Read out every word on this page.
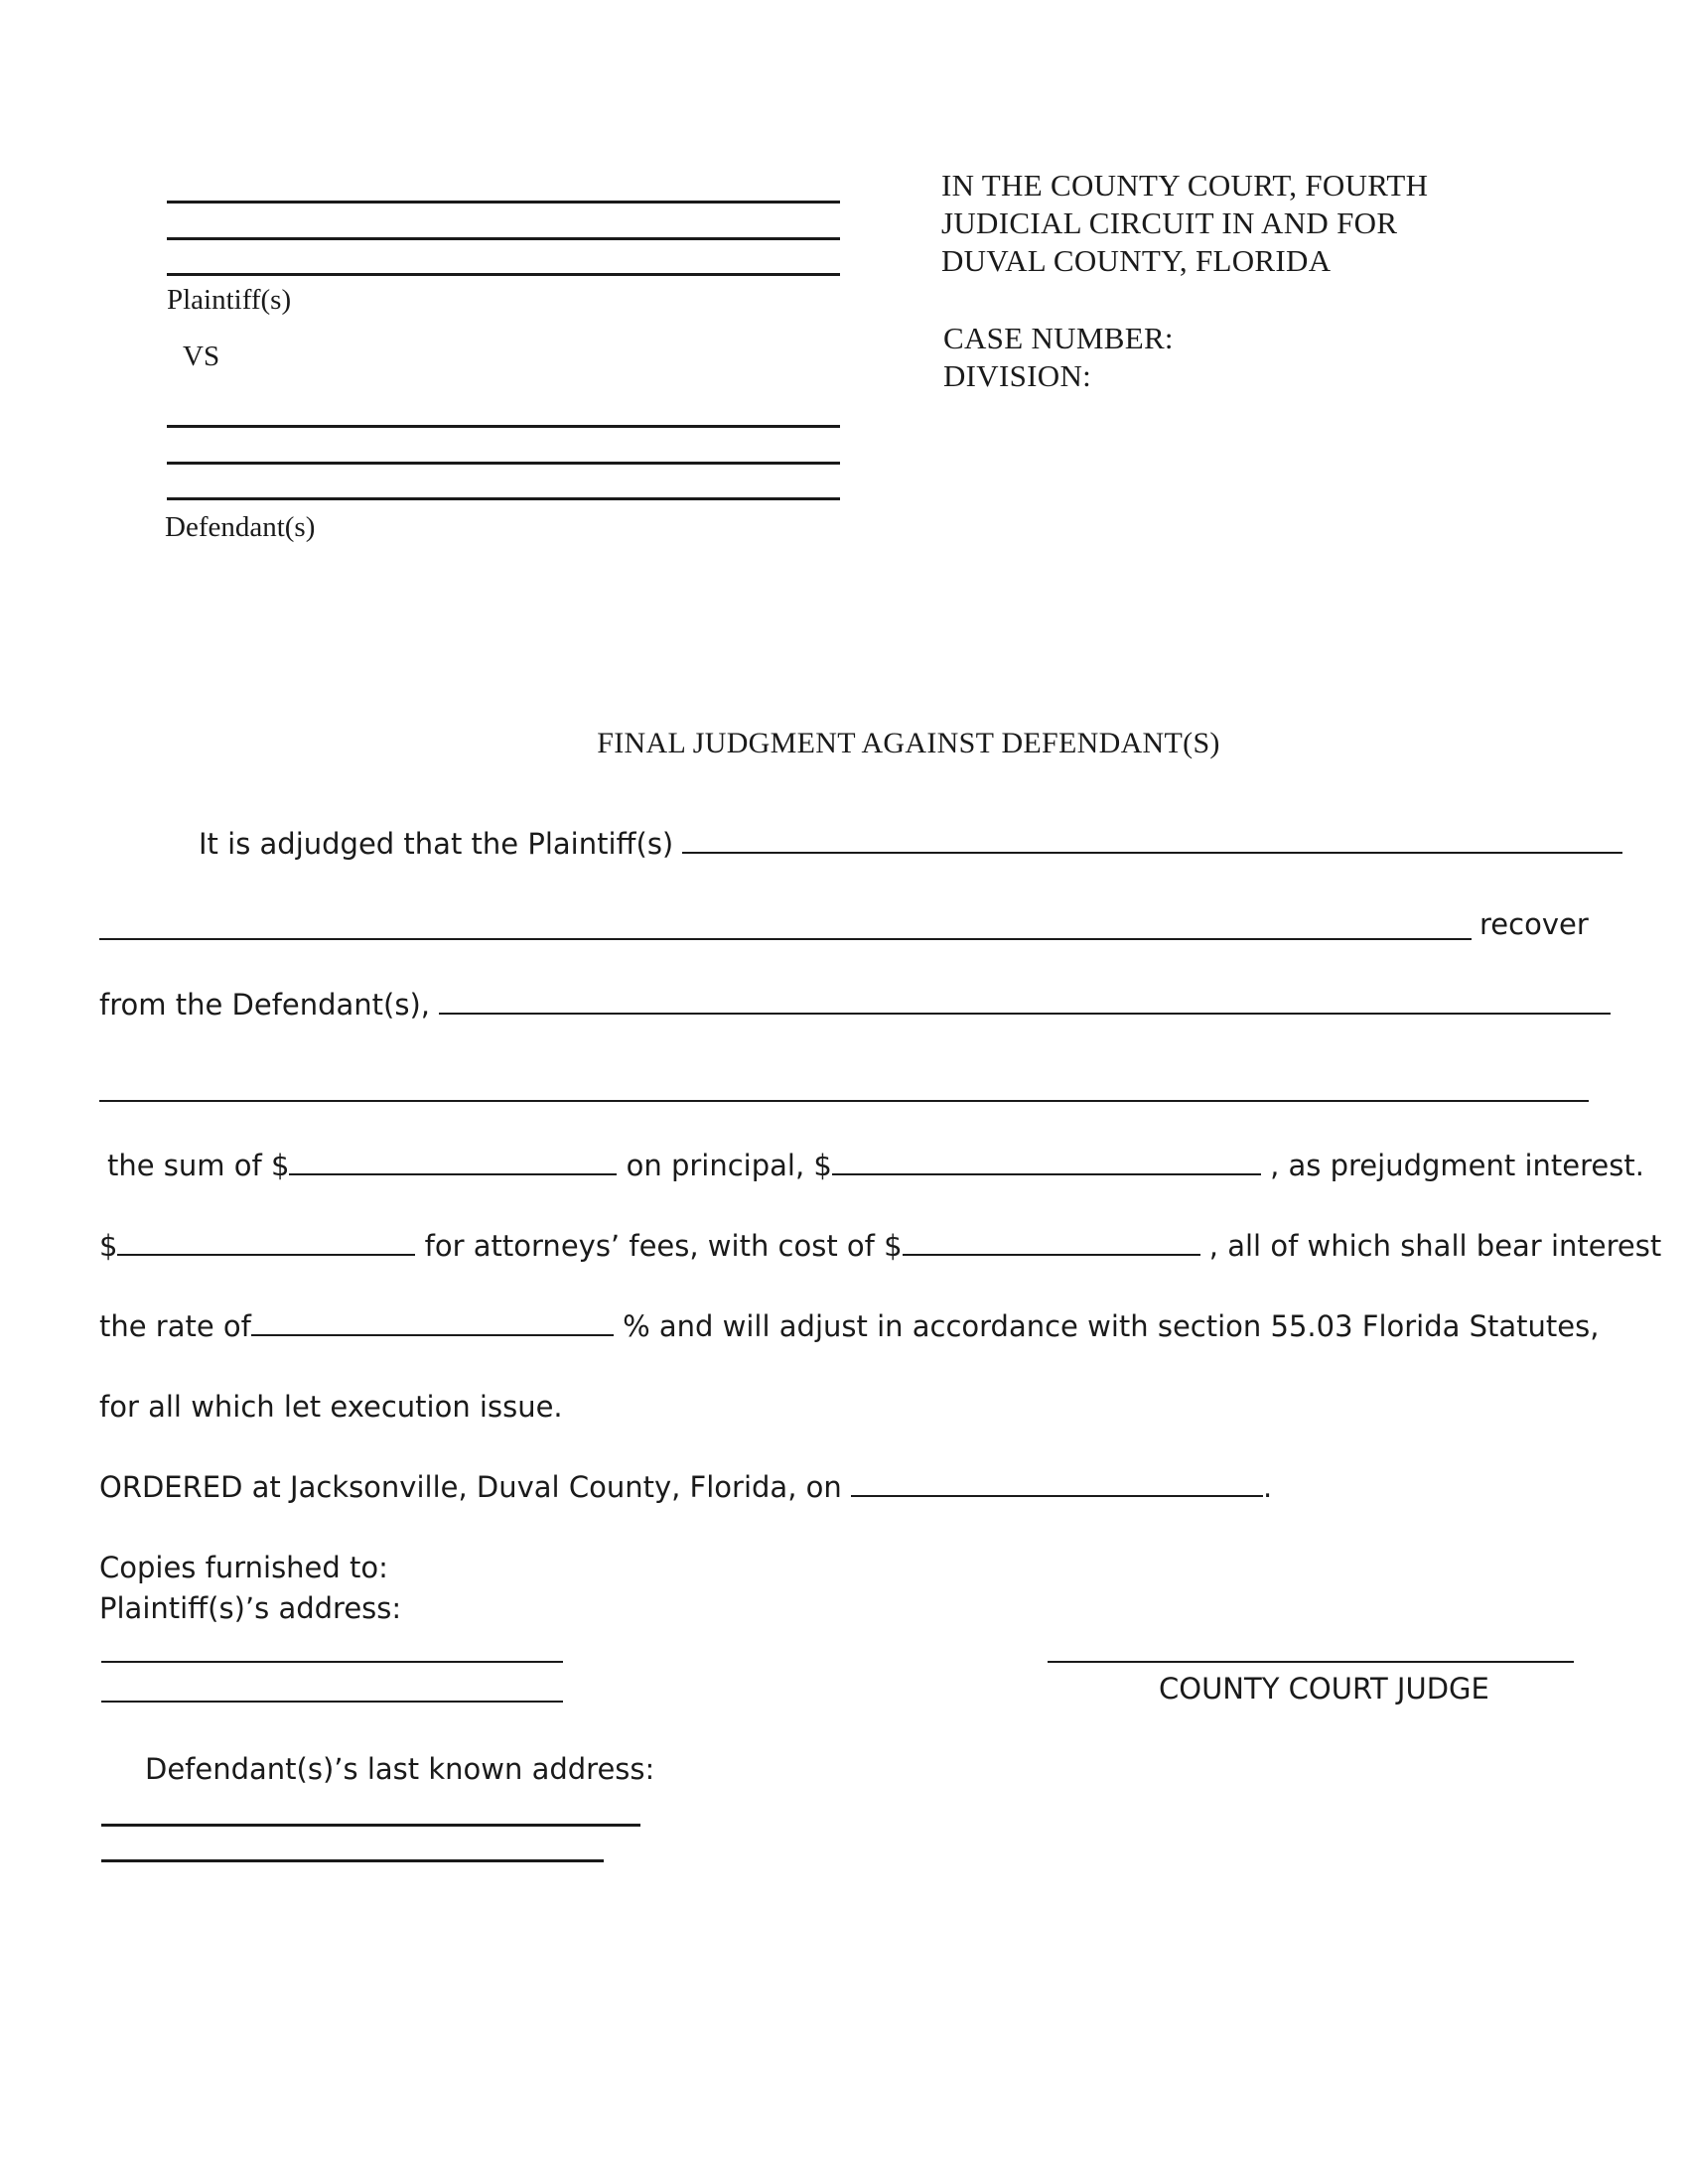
Plaintiff(s)
VS
Defendant(s)
IN THE COUNTY COURT, FOURTH
JUDICIAL CIRCUIT IN AND FOR
DUVAL COUNTY, FLORIDA
CASE NUMBER:
DIVISION:
FINAL JUDGMENT AGAINST DEFENDANT(S)
It is adjudged that the Plaintiff(s)
recover
from the Defendant(s),
the sum of $	on principal, $	, as prejudgment interest.
$	for attorneys’ fees, with cost of $	, all of which shall bear interest
the rate of	% and will adjust in accordance with section 55.03 Florida Statutes,
for all which let execution issue.
ORDERED at Jacksonville, Duval County, Florida, on	.
Copies furnished to:
Plaintiff(s)’s address:
COUNTY COURT JUDGE
Defendant(s)’s last known address:
